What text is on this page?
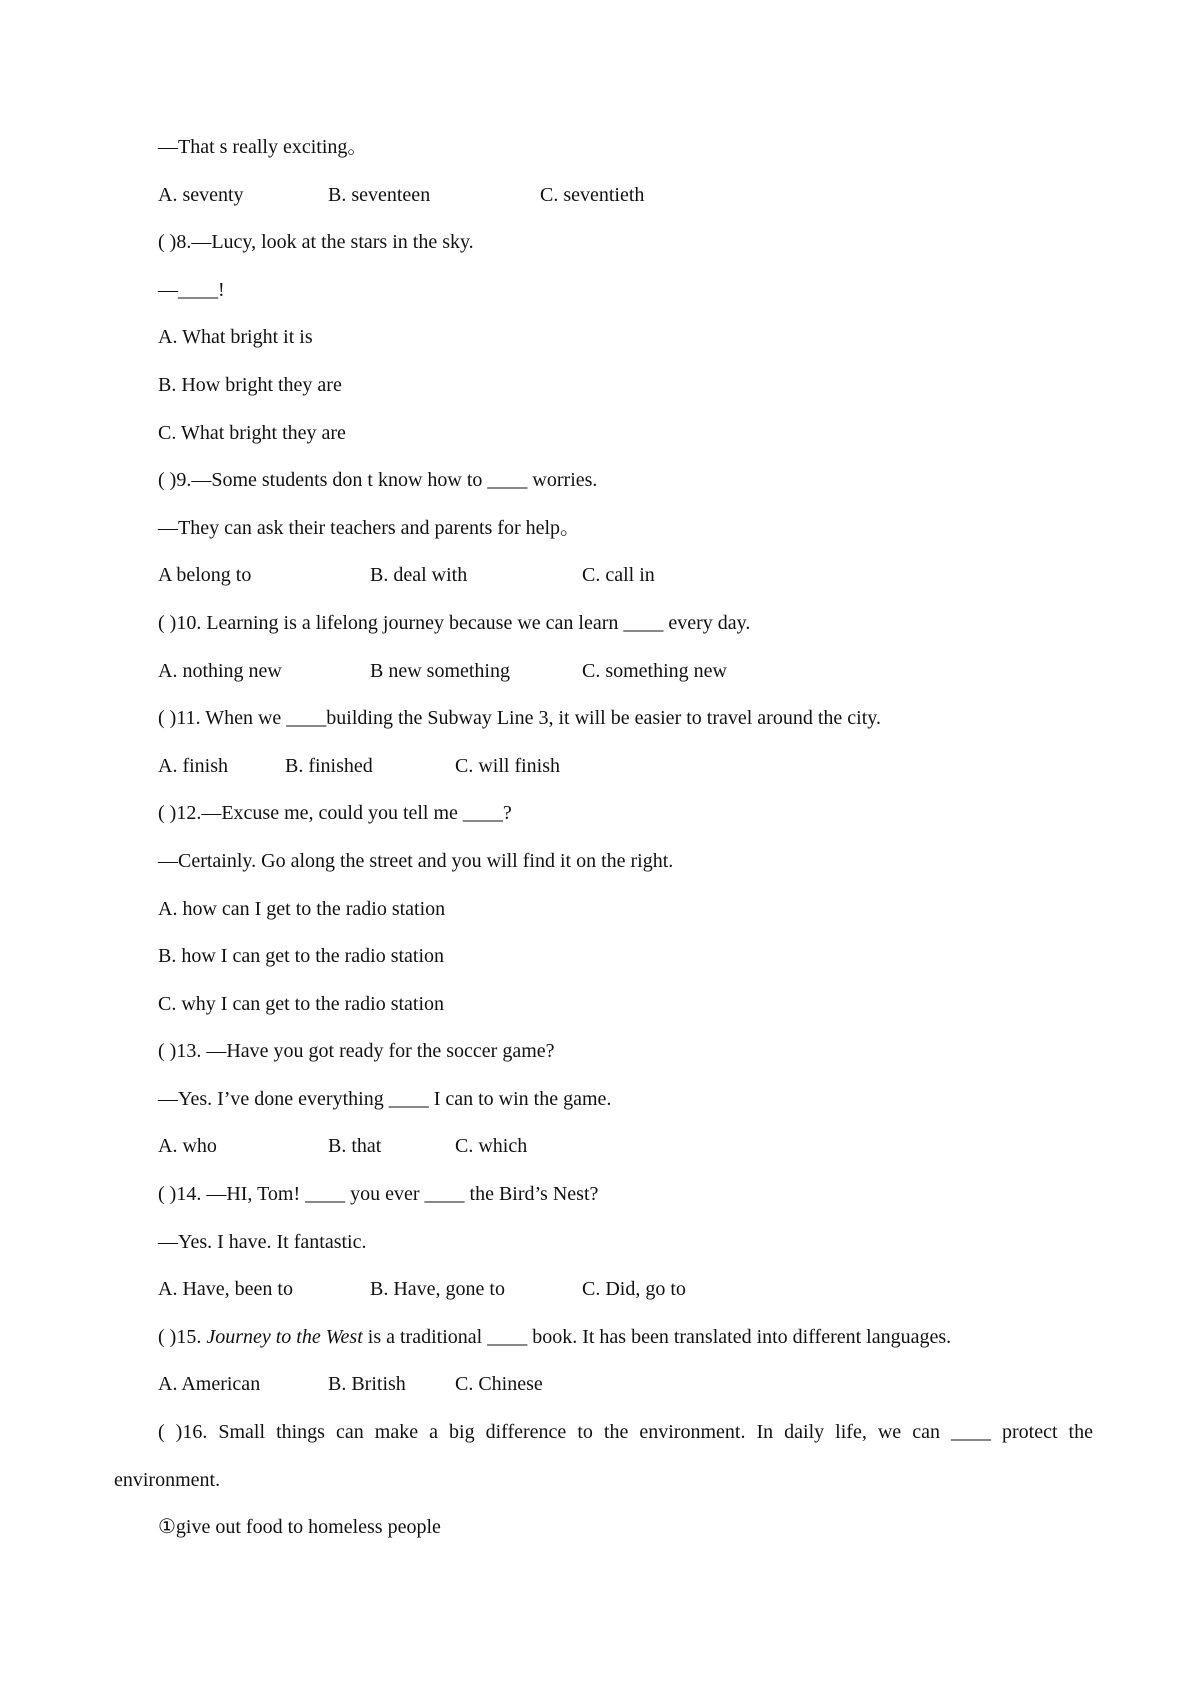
—That s really exciting。
A. seventy	B. seventeen	C. seventieth
( )8.—Lucy, look at the stars in the sky.
—____!
A. What bright it is
B. How bright they are
C. What bright they are
( )9.—Some students don t know how to ____ worries.
—They can ask their teachers and parents for help。
A belong to	B. deal with	C. call in
( )10. Learning is a lifelong journey because we can learn ____ every day.
A. nothing new	B new something	C. something new
( )11. When we ____building the Subway Line 3, it will be easier to travel around the city.
A. finish	B. finished	C. will finish
( )12.—Excuse me, could you tell me ____?
—Certainly. Go along the street and you will find it on the right.
A. how can I get to the radio station
B. how I can get to the radio station
C. why I can get to the radio station
( )13. —Have you got ready for the soccer game?
—Yes. I’ve done everything ____ I can to win the game.
A. who	B. that	C. which
( )14. —HI, Tom! ____ you ever ____ the Bird’s Nest?
—Yes. I have. It fantastic.
A. Have, been to	B. Have, gone to	C. Did, go to
( )15. Journey to the West is a traditional ____ book. It has been translated into different languages.
A. American	B. British C. Chinese
( )16. Small things can make a big difference to the environment. In daily life, we can ____ protect the
environment.
①give out food to homeless people
